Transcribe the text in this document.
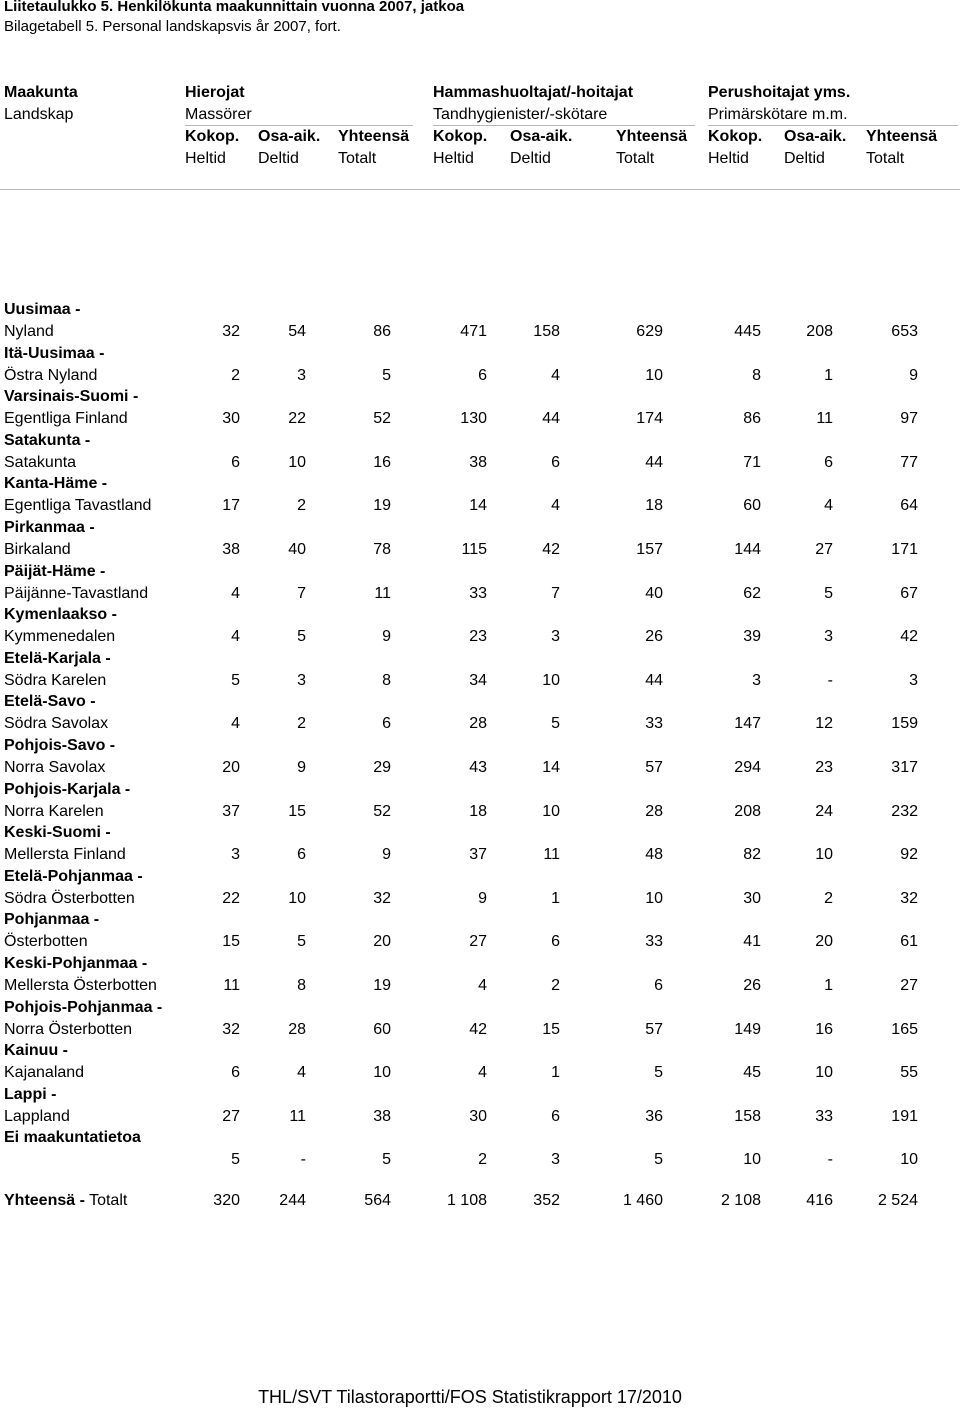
Liitetaulukko 5. Henkilökunta maakunnittain vuonna 2007, jatkoa
Bilagetabell 5. Personal landskapsvis år 2007, fort.
Maakunta
Landskap
Hierojat
Massörer
Hammashuoltajat/-hoitajat
Tandhygienister/-skötare
Perushoitajat yms.
Primärskötare m.m.
Kokop. Osa-aik. Yhteensä Kokop. Osa-aik.	Yhteensä Kokop. Osa-aik. Yhteensä
Heltid Deltid Totalt	Heltid Deltid	Totalt	Heltid Deltid	Totalt
Uusimaa -
Nyland	32	54	86	471	158	629	445	208	653
Itä-Uusimaa -
Östra Nyland	2	3	5	6	4	10	8	1	9
Varsinais-Suomi -
Egentliga Finland	30	22	52	130	44	174	86	11	97
Satakunta -
Satakunta	6	10	16	38	6	44	71	6	77
Kanta-Häme -
Egentliga Tavastland	17	2	19	14	4	18	60	4	64
Pirkanmaa -
Birkaland	38	40	78	115	42	157	144	27	171
Päijät-Häme -
Päijänne-Tavastland	4	7	11	33	7	40	62	5	67
Kymenlaakso -
Kymmenedalen	4	5	9	23	3	26	39	3	42
Etelä-Karjala -
Södra Karelen	5	3	8	34	10	44	3	-	3
Etelä-Savo -
Södra Savolax	4	2	6	28	5	33	147	12	159
Pohjois-Savo -
Norra Savolax	20	9	29	43	14	57	294	23	317
Pohjois-Karjala -
Norra Karelen	37	15	52	18	10	28	208	24	232
Keski-Suomi -
Mellersta Finland	3	6	9	37	11	48	82	10	92
Etelä-Pohjanmaa -
Södra Österbotten	22	10	32	9	1	10	30	2	32
Pohjanmaa -
Österbotten	15	5	20	27	6	33	41	20	61
Keski-Pohjanmaa -
Mellersta Österbotten	11	8	19	4	2	6	26	1	27
Pohjois-Pohjanmaa -
Norra Österbotten	32	28	60	42	15	57	149	16	165
Kainuu -
Kajanaland	6	4	10	4	1	5	45	10	55
Lappi -
Lappland	27	11	38	30	6	36	158	33	191
Ei maakuntatietoa
5	-	5	2	3	5	10	-	10
Yhteensä - Totalt	320	244	564	1 108	352	1 460	2 108	416	2 524
THL/SVT Tilastoraportti/FOS Statistikrapport 17/2010
